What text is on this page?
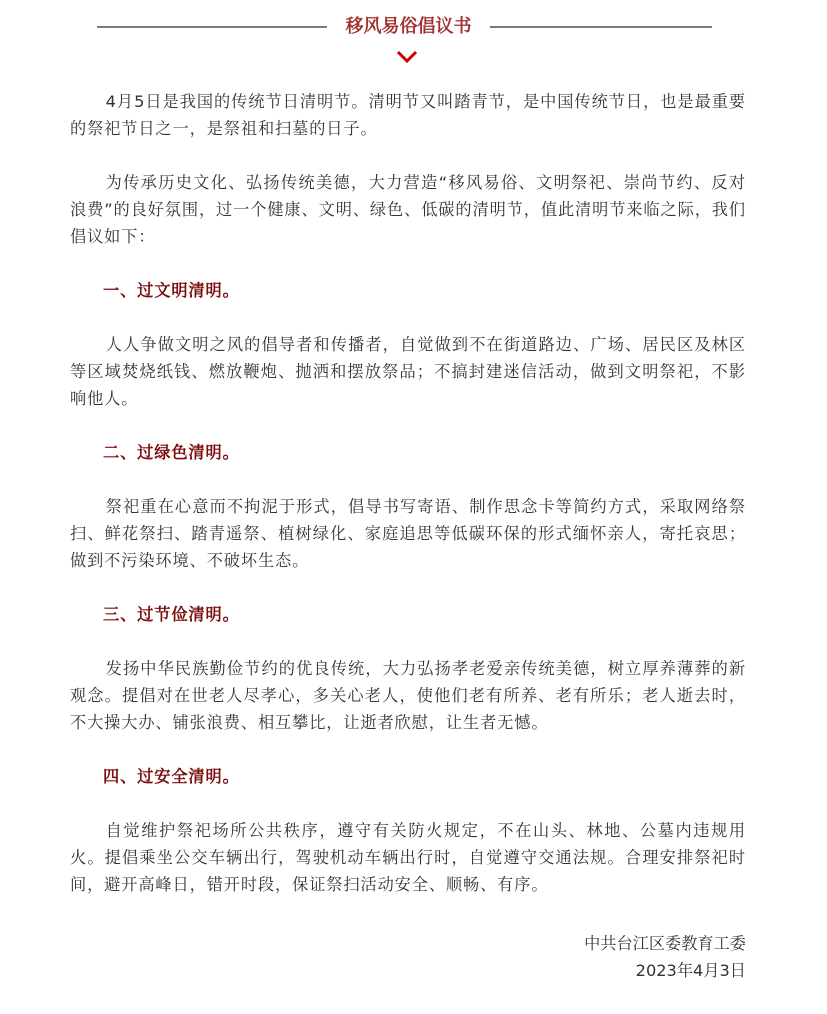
移风易俗倡议书

4月5日是我国的传统节日清明节。清明节又叫踏青节，是中国传统节日，也是最重要的祭祀节日之一，是祭祖和扫墓的日子。

为传承历史文化、弘扬传统美德，大力营造“移风易俗、文明祭祀、崇尚节约、反对浪费”的良好氛围，过一个健康、文明、绿色、低碳的清明节，值此清明节来临之际，我们倡议如下：

一、过文明清明。

人人争做文明之风的倡导者和传播者，自觉做到不在街道路边、广场、居民区及林区等区域焚烧纸钱、燃放鞭炮、抛洒和摆放祭品；不搞封建迷信活动，做到文明祭祀，不影响他人。

二、过绿色清明。

祭祀重在心意而不拘泥于形式，倡导书写寄语、制作思念卡等简约方式，采取网络祭扫、鲜花祭扫、踏青遥祭、植树绿化、家庭追思等低碳环保的形式缅怀亲人，寄托哀思；做到不污染环境、不破坏生态。

三、过节俭清明。

发扬中华民族勤俭节约的优良传统，大力弘扬孝老爱亲传统美德，树立厚养薄葬的新观念。提倡对在世老人尽孝心，多关心老人，使他们老有所养、老有所乐；老人逝去时，不大操大办、铺张浪费、相互攀比，让逝者欣慰，让生者无憾。

四、过安全清明。

自觉维护祭祀场所公共秩序，遵守有关防火规定，不在山头、林地、公墓内违规用火。提倡乘坐公交车辆出行，驾驶机动车辆出行时，自觉遵守交通法规。合理安排祭祀时间，避开高峰日，错开时段，保证祭扫活动安全、顺畅、有序。

中共台江区委教育工委
2023年4月3日
